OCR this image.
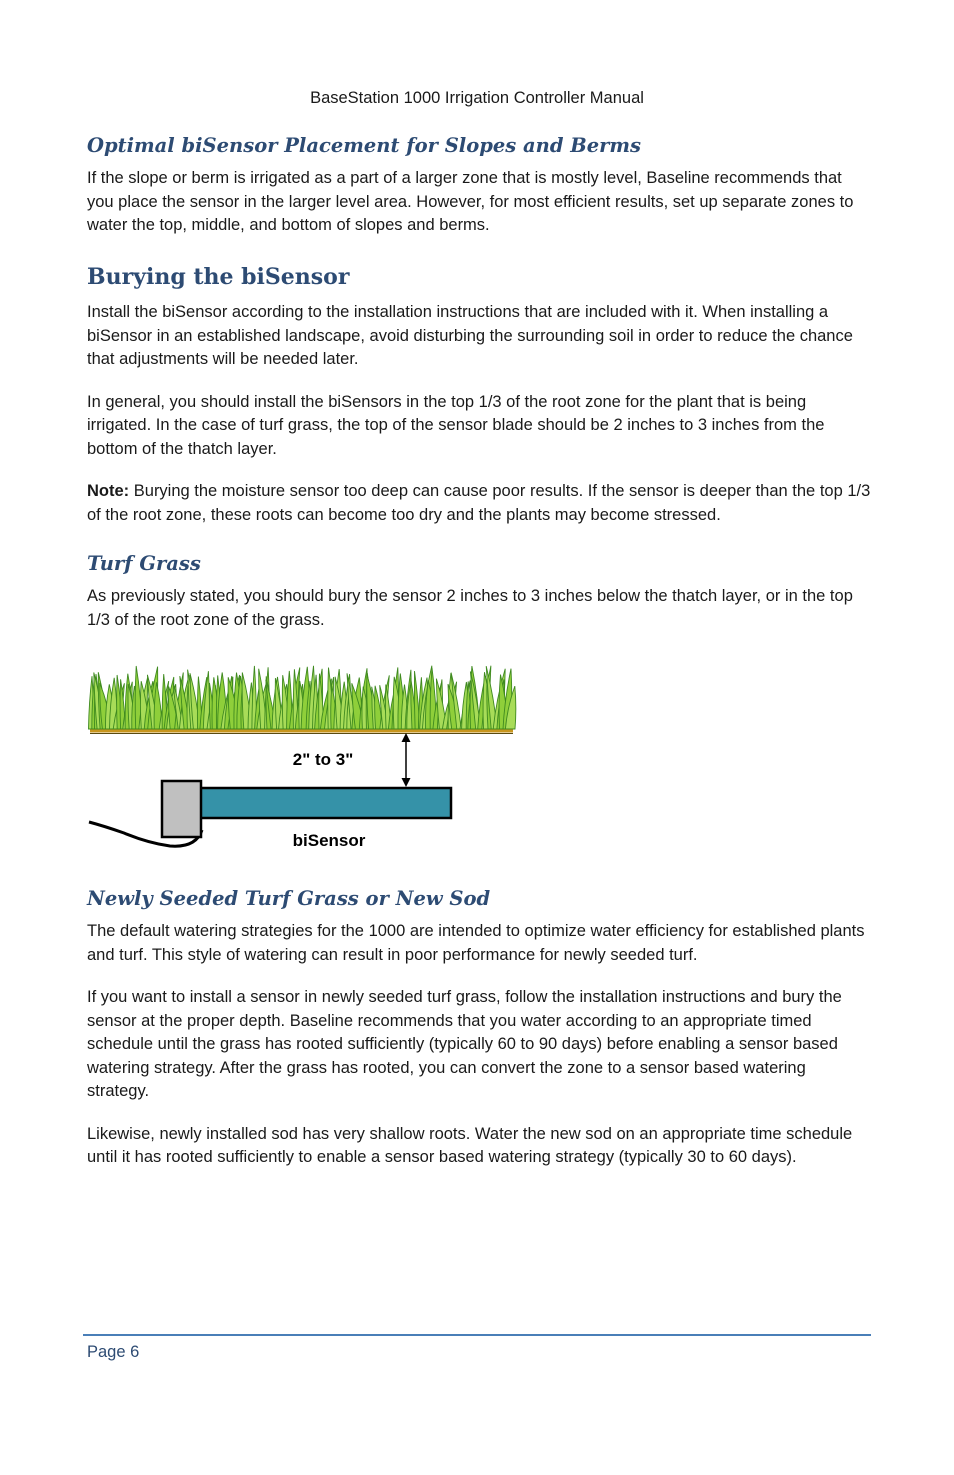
BaseStation 1000 Irrigation Controller Manual
Optimal biSensor Placement for Slopes and Berms

If the slope or berm is irrigated as a part of a larger zone that is mostly level, Baseline recommends that you place the sensor in the larger level area. However, for most efficient results, set up separate zones to water the top, middle, and bottom of slopes and berms.

Burying the biSensor

Install the biSensor according to the installation instructions that are included with it. When installing a biSensor in an established landscape, avoid disturbing the surrounding soil in order to reduce the chance that adjustments will be needed later.

In general, you should install the biSensors in the top 1/3 of the root zone for the plant that is being irrigated. In the case of turf grass, the top of the sensor blade should be 2 inches to 3 inches from the bottom of the thatch layer.

Note: Burying the moisture sensor too deep can cause poor results. If the sensor is deeper than the top 1/3 of the root zone, these roots can become too dry and the plants may become stressed.

Turf Grass

As previously stated, you should bury the sensor 2 inches to 3 inches below the thatch layer, or in the top 1/3 of the root zone of the grass.

2" to 3"
biSensor
Newly Seeded Turf Grass or New Sod

The default watering strategies for the 1000 are intended to optimize water efficiency for established plants and turf. This style of watering can result in poor performance for newly seeded turf.

If you want to install a sensor in newly seeded turf grass, follow the installation instructions and bury the sensor at the proper depth. Baseline recommends that you water according to an appropriate timed schedule until the grass has rooted sufficiently (typically 60 to 90 days) before enabling a sensor based watering strategy. After the grass has rooted, you can convert the zone to a sensor based watering strategy.

Likewise, newly installed sod has very shallow roots. Water the new sod on an appropriate time schedule until it has rooted sufficiently to enable a sensor based watering strategy (typically 30 to 60 days).

Page 6
